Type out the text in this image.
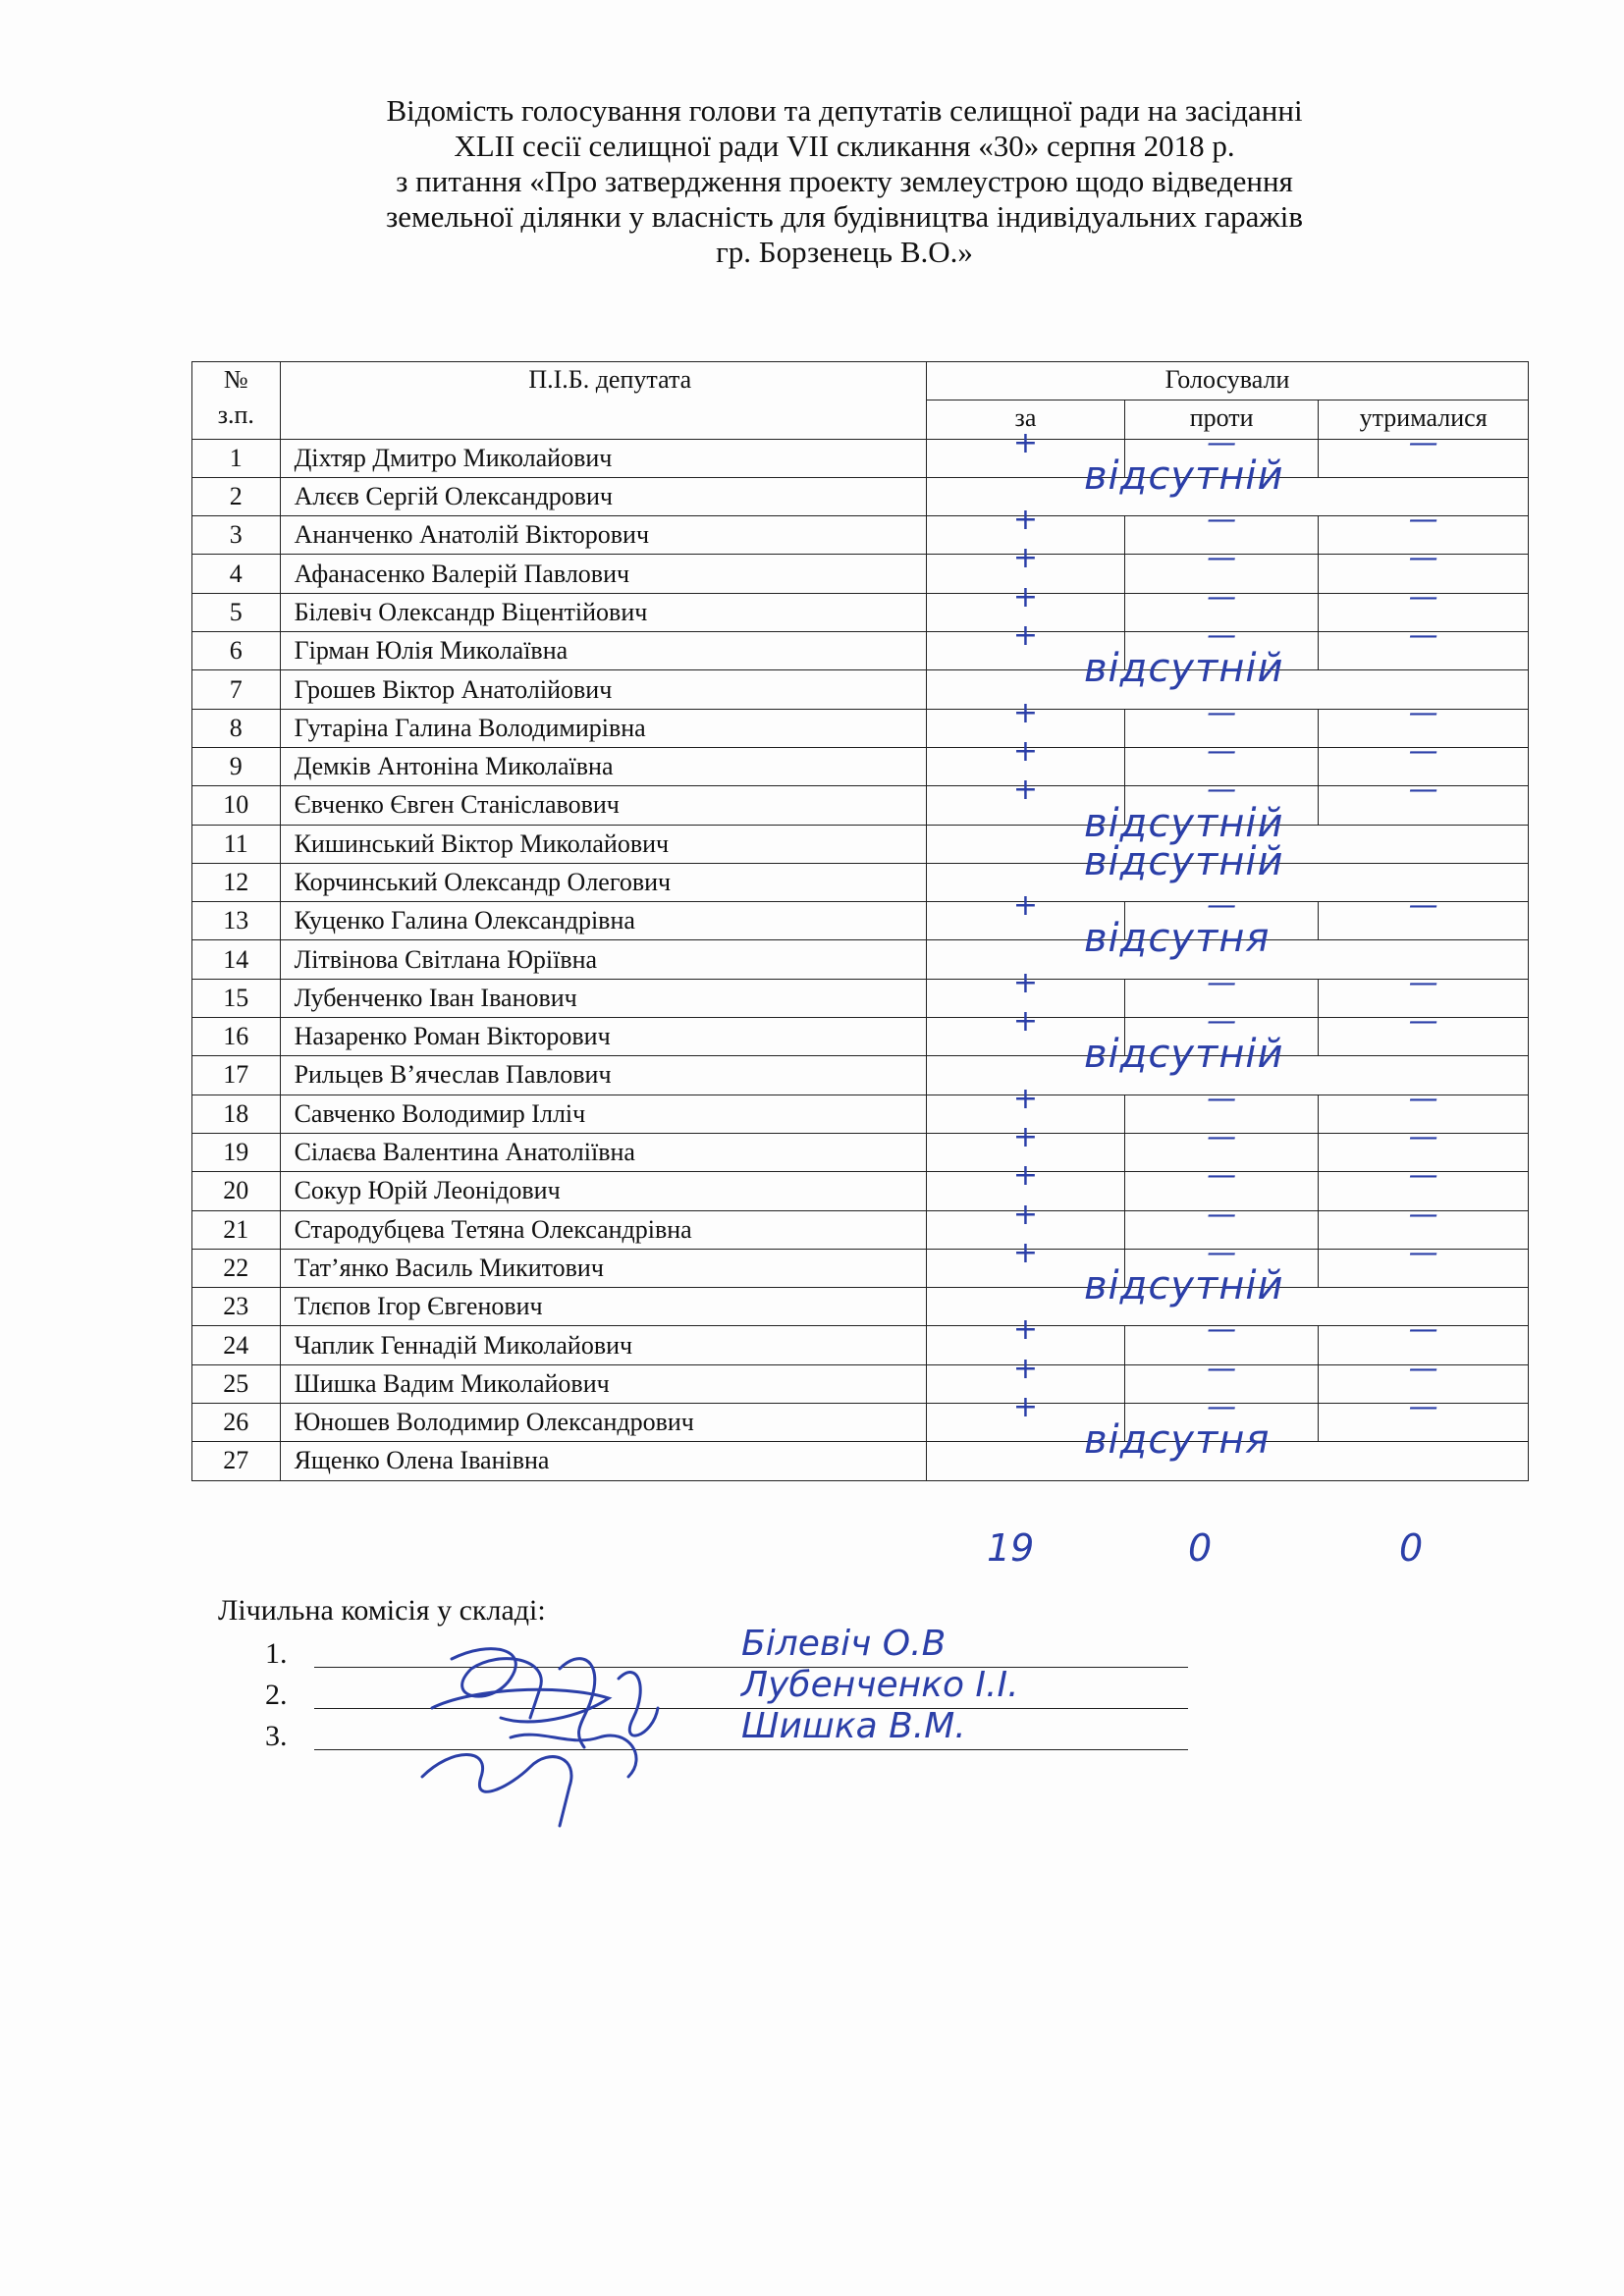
Відомість голосування голови та депутатів селищної ради на засіданні
XLII сесії селищної ради VII скликання «30» серпня 2018 р.
з питання «Про затвердження проекту землеустрою щодо відведення
земельної ділянки у власність для будівництва індивідуальних гаражів
гр. Борзенець В.О.»
№
з.п.	П.І.Б. депутата	Голосували		
		за	проти	утрималися
1	Діхтяр Дмитро Миколайович	+	—	—

2	Алєєв Сергій Олександрович	відсутній		

3	Ананченко Анатолій Вікторович	+	—	—

4	Афанасенко Валерій Павлович	+	—	—

5	Білевіч Олександр Віцентійович	+	—	—

6	Гірман Юлія Миколаївна	+	—	—

7	Грошев Віктор Анатолійович	відсутній		

8	Гутаріна Галина Володимирівна	+	—	—

9	Демків Антоніна Миколаївна	+	—	—

10	Євченко Євген Станіславович	+	—	—

11	Кишинський Віктор Миколайович	відсутній		

12	Корчинський Олександр Олегович	відсутній		

13	Куценко Галина Олександрівна	+	—	—

14	Літвінова Світлана Юріївна	відсутня		

15	Лубенченко Іван Іванович	+	—	—

16	Назаренко Роман Вікторович	+	—	—

17	Рильцев В’ячеслав Павлович	відсутній		

18	Савченко Володимир Ілліч	+	—	—

19	Сілаєва Валентина Анатоліївна	+	—	—

20	Сокур Юрій Леонідович	+	—	—

21	Стародубцева Тетяна Олександрівна	+	—	—

22	Тат’янко Василь Микитович	+	—	—

23	Тлєпов Ігор Євгенович	відсутній		

24	Чаплик Геннадій Миколайович	+	—	—

25	Шишка Вадим Миколайович	+	—	—

26	Юношев Володимир Олександрович	+	—	—

27	Ященко Олена Іванівна	відсутня		
19	0	0
Лічильна комісія у складі:
1.	Білевіч О.В
2.	Лубенченко І.І.
3.	Шишка В.М.
